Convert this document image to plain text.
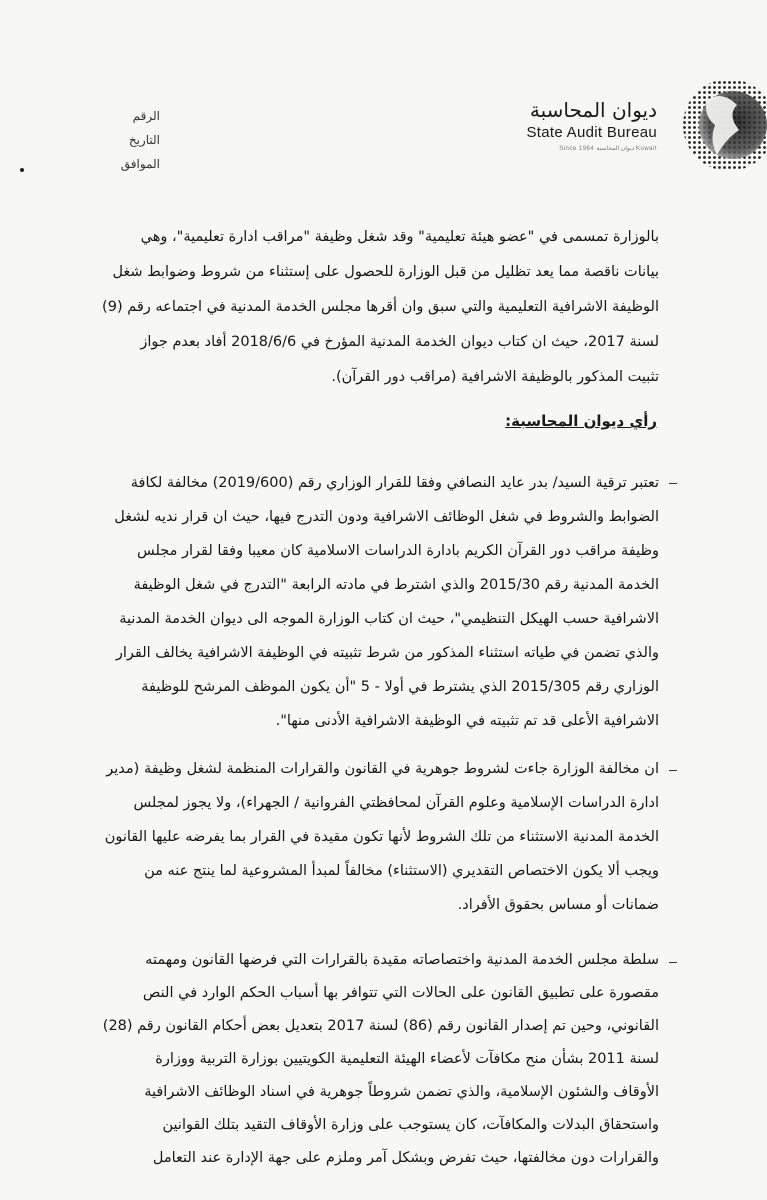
الرقم
التاريخ
الموافق
ديوان المحاسبة
State Audit Bureau
Since 1964 ديوان المحاسبة Kuwait
بالوزارة تمسمى في "عضو هيئة تعليمية" وقد شغل وظيفة "مراقب ادارة تعليمية"، وهي
بيانات ناقصة مما يعد تظليل من قبل الوزارة للحصول على إستثناء من شروط وضوابط شغل
الوظيفة الاشرافية التعليمية والتي سبق وان أقرها مجلس الخدمة المدنية في اجتماعه رقم (9)
لسنة 2017، حيث ان كتاب ديوان الخدمة المدنية المؤرخ في 2018/6/6 أفاد بعدم جواز
تثبيت المذكور بالوظيفة الاشرافية (مراقب دور القرآن).
رأي ديوان المحاسبة:
تعتبر ترقية السيد/ بدر عايد النصافي وفقا للقرار الوزاري رقم (2019/600) مخالفة لكافة
الضوابط والشروط في شغل الوظائف الاشرافية ودون التدرج فيها، حيث ان قرار نديه لشغل
وظيفة مراقب دور القرآن الكريم بادارة الدراسات الاسلامية كان معيبا وفقا لقرار مجلس
الخدمة المدنية رقم 2015/30 والذي اشترط في مادته الرابعة "التدرج في شغل الوظيفة
الاشرافية حسب الهيكل التنظيمي"، حيث ان كتاب الوزارة الموجه الى ديوان الخدمة المدنية
والذي تضمن في طياته استثناء المذكور من شرط تثبيته في الوظيفة الاشرافية يخالف القرار
الوزاري رقم 2015/305 الذي يشترط في أولا - 5 "أن يكون الموظف المرشح للوظيفة
الاشرافية الأعلى قد تم تثبيته في الوظيفة الاشرافية الأدنى منها".
ان مخالفة الوزارة جاءت لشروط جوهرية في القانون والقرارات المنظمة لشغل وظيفة (مدير
ادارة الدراسات الإسلامية وعلوم القرآن لمحافظتي الفروانية / الجهراء)، ولا يجوز لمجلس
الخدمة المدنية الاستثناء من تلك الشروط لأنها تكون مقيدة في القرار بما يفرضه عليها القانون
ويجب ألا يكون الاختصاص التقديري (الاستثناء) مخالفاً لمبدأ المشروعية لما ينتج عنه من
ضمانات أو مساس بحقوق الأفراد.
سلطة مجلس الخدمة المدنية واختصاصاته مقيدة بالقرارات التي فرضها القانون ومهمته
مقصورة على تطبيق القانون على الحالات التي تتوافر بها أسباب الحكم الوارد في النص
القانوني، وحين تم إصدار القانون رقم (86) لسنة 2017 بتعديل بعض أحكام القانون رقم (28)
لسنة 2011 بشأن منح مكافآت لأعضاء الهيئة التعليمية الكويتيين بوزارة التربية ووزارة
الأوقاف والشئون الإسلامية، والذي تضمن شروطاً جوهرية في اسناد الوظائف الاشرافية
واستحقاق البدلات والمكافآت، كان يستوجب على وزارة الأوقاف التقيد بتلك القوانين
والقرارات دون مخالفتها، حيث تفرض وبشكل آمر وملزم على جهة الإدارة عند التعامل
